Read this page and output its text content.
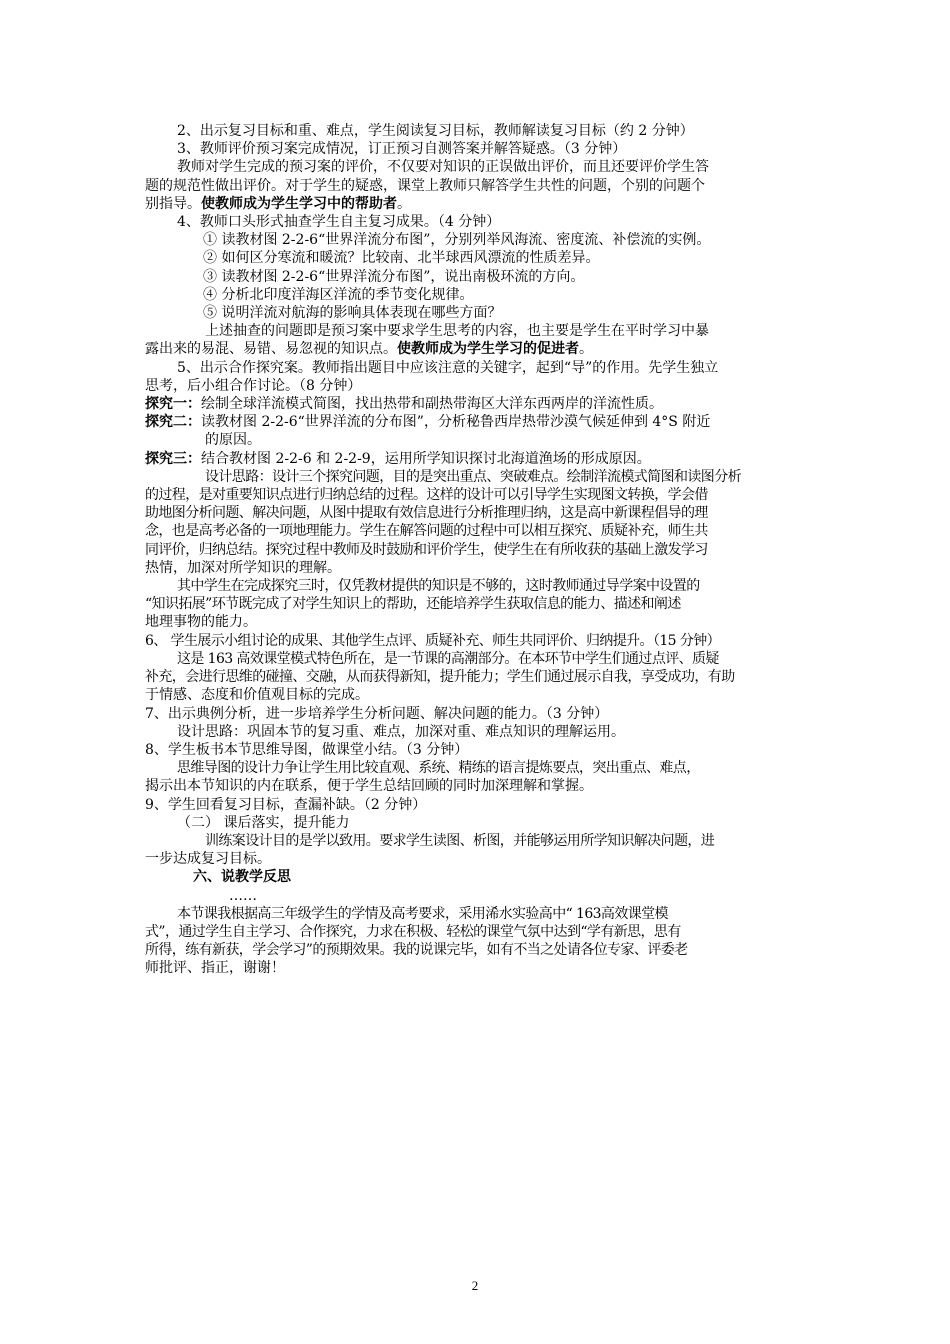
2、出示复习目标和重、难点，学生阅读复习目标，教师解读复习目标（约 2 分钟）
3、教师评价预习案完成情况，订正预习自测答案并解答疑惑。（3 分钟）
教师对学生完成的预习案的评价，不仅要对知识的正误做出评价，而且还要评价学生答
题的规范性做出评价。对于学生的疑惑，课堂上教师只解答学生共性的问题，个别的问题个
别指导。使教师成为学生学习中的帮助者。
4、教师口头形式抽查学生自主复习成果。（4 分钟）
① 读教材图 2-2-6“世界洋流分布图”，分别列举风海流、密度流、补偿流的实例。
② 如何区分寒流和暖流？比较南、北半球西风漂流的性质差异。
③ 读教材图 2-2-6“世界洋流分布图”，说出南极环流的方向。
④ 分析北印度洋海区洋流的季节变化规律。
⑤ 说明洋流对航海的影响具体表现在哪些方面？
上述抽查的问题即是预习案中要求学生思考的内容，也主要是学生在平时学习中暴
露出来的易混、易错、易忽视的知识点。使教师成为学生学习的促进者。
5、出示合作探究案。教师指出题目中应该注意的关键字，起到“导”的作用。先学生独立
思考，后小组合作讨论。（8 分钟）
探究一：绘制全球洋流模式简图，找出热带和副热带海区大洋东西两岸的洋流性质。
探究二：读教材图 2-2-6“世界洋流的分布图”，分析秘鲁西岸热带沙漠气候延伸到 4°S 附近
的原因。
探究三：结合教材图 2-2-6 和 2-2-9，运用所学知识探讨北海道渔场的形成原因。
设计思路：设计三个探究问题，目的是突出重点、突破难点。绘制洋流模式简图和读图分析
的过程，是对重要知识点进行归纳总结的过程。这样的设计可以引导学生实现图文转换，学会借
助地图分析问题、解决问题，从图中提取有效信息进行分析推理归纳，这是高中新课程倡导的理
念，也是高考必备的一项地理能力。学生在解答问题的过程中可以相互探究、质疑补充，师生共
同评价，归纳总结。探究过程中教师及时鼓励和评价学生，使学生在有所收获的基础上激发学习
热情，加深对所学知识的理解。
其中学生在完成探究三时，仅凭教材提供的知识是不够的，这时教师通过导学案中设置的
“知识拓展”环节既完成了对学生知识上的帮助，还能培养学生获取信息的能力、描述和阐述
地理事物的能力。
6、 学生展示小组讨论的成果、其他学生点评、质疑补充、师生共同评价、归纳提升。（15 分钟）
这是 163 高效课堂模式特色所在，是一节课的高潮部分。在本环节中学生们通过点评、质疑
补充，会进行思维的碰撞、交融，从而获得新知，提升能力；学生们通过展示自我，享受成功，有助
于情感、态度和价值观目标的完成。
7、出示典例分析，进一步培养学生分析问题、解决问题的能力。（3 分钟）
设计思路：巩固本节的复习重、难点，加深对重、难点知识的理解运用。
8、学生板书本节思维导图，做课堂小结。（3 分钟）
思维导图的设计力争让学生用比较直观、系统、精练的语言提炼要点，突出重点、难点，
揭示出本节知识的内在联系，便于学生总结回顾的同时加深理解和掌握。
9、学生回看复习目标，查漏补缺。（2 分钟）
（二） 课后落实，提升能力
训练案设计目的是学以致用。要求学生读图、析图，并能够运用所学知识解决问题，进
一步达成复习目标。
六、说教学反思
……
本节课我根据高三年级学生的学情及高考要求，采用浠水实验高中“ 163高效课堂模
式”，通过学生自主学习、合作探究，力求在积极、轻松的课堂气氛中达到“学有新思，思有
所得，练有新获，学会学习”的预期效果。我的说课完毕，如有不当之处请各位专家、评委老
师批评、指正，谢谢！
2
